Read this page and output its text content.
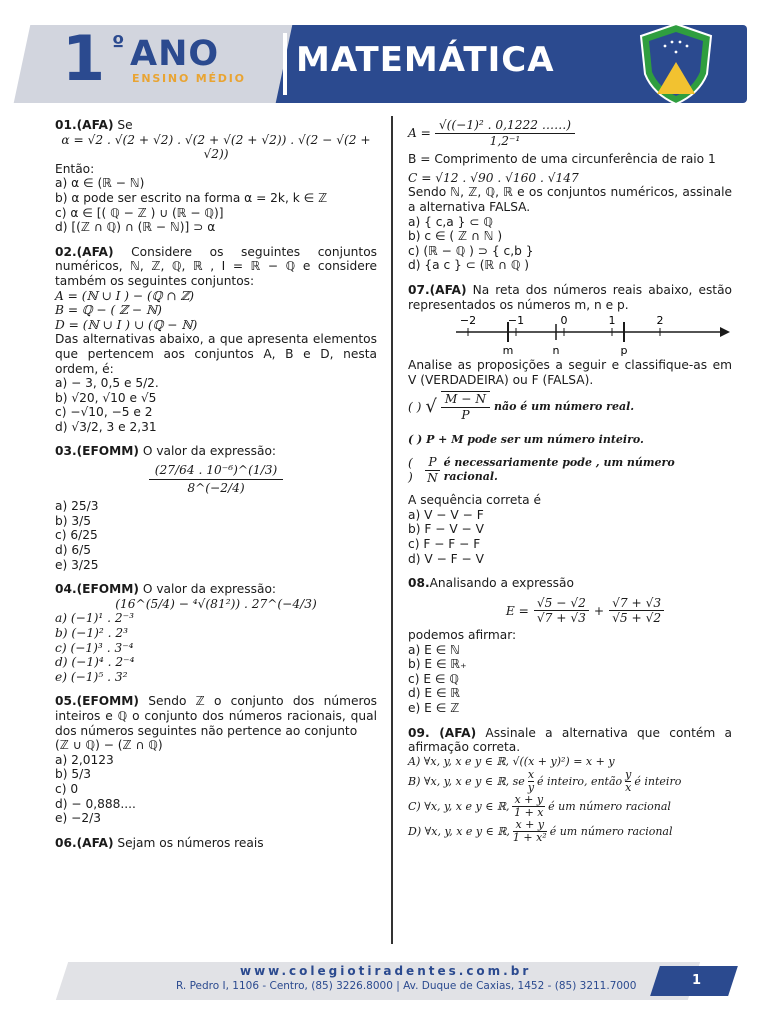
1 º ANO
ENSINO MÉDIO MATEMÁTICA

01.(AFA) Se

α = √2 . √(2 + √2) . √(2 + √(2 + √2)) . √(2 − √(2 + √2))

Então:

a) α ∈ (ℝ − ℕ)

b) α pode ser escrito na forma α = 2k, k ∈ ℤ

c) α ∈ [( ℚ − ℤ ) ∪ (ℝ − ℚ)]

d) [(ℤ ∩ ℚ) ∩ (ℝ − ℕ)] ⊃ α

02.(AFA) Considere os seguintes conjuntos numéricos, ℕ, ℤ, ℚ, ℝ , I = ℝ − ℚ e considere também os seguintes conjuntos:

A = (ℕ ∪ I ) − (ℚ ∩ ℤ)

B = ℚ − ( ℤ − ℕ)

D = (ℕ ∪ I ) ∪ (ℚ − ℕ)

Das alternativas abaixo, a que apresenta elementos que pertencem aos conjuntos A, B e D, nesta ordem, é:

a) − 3, 0,5 e 5/2.

b) √20, √10 e √5

c) −√10, −5 e 2

d) √3/2, 3 e 2,31

03.(EFOMM) O valor da expressão:

$\frac{\text{(27/64 . 10⁻⁶)\textasciicircum{}(1/3)}}{8\^{}(-2/4)}$

a) 25/3

b) 3/5

c) 6/25

d) 6/5

e) 3/25

04.(EFOMM) O valor da expressão:

(16^(5/4) − ⁴√(81²)) . 27^(−4/3)

a) (−1)¹ . 2⁻³

b) (−1)² . 2³

c) (−1)³ . 3⁻⁴

d) (−1)⁴ . 2⁻⁴

e) (−1)⁵ . 3²

05.(EFOMM) Sendo ℤ o conjunto dos números inteiros e ℚ o conjunto dos números racionais, qual dos números seguintes não pertence ao conjunto

(ℤ ∪ ℚ) − (ℤ ∩ ℚ)

a) 2,0123

b) 5/3

c) 0

d) − 0,888....

e) −2/3

06.(AFA) Sejam os números reais

$A = \frac{\text{√((−1)² . 0,1222 ……)}}{\text{1,2⁻¹}}$

B = Comprimento de uma circunferência de raio 1

C = √12 . √90 . √160 . √147

Sendo ℕ, ℤ, ℚ, ℝ e os conjuntos numéricos, assinale a alternativa FALSA.

a) { c,a } ⊂ ℚ

b) c ∈ ( ℤ ∩ ℕ )

c) (ℝ − ℚ ) ⊃ { c,b }

d) {a c } ⊂ (ℝ ∩ ℚ )

07.(AFA) Na reta dos números reais abaixo, estão representados os números m, n e p.

−2	−1	0	1	2
m	n	p

Analise as proposições a seguir e classifique-as em V (VERDADEIRA) ou F (FALSA).

( ) √ $\frac{M - N}{P}$ não é um número real.

( ) P + M pode ser um número inteiro.

( )	$\frac{P}{N}$ é necessariamente pode , um número racional.

A sequência correta é

a) V − V − F

b) F − V − V

c) F − F − F

d) V − F − V

08.Analisando a expressão

$E = \frac{√5 - √2}{√7 + √3} + \frac{√7 + √3}{√5 + √2}$

podemos afirmar:

a) E ∈ ℕ

b) E ∈ ℝ₊

c) E ∈ ℚ

d) E ∈ ℝ

e) E ∈ ℤ

09. (AFA) Assinale a alternativa que contém a afirmação correta.

A) ∀x, y, x e y ∈ ℝ, √((x + y)²) = x + y

B) ∀x, y, x e y ∈ ℝ, se x
y
é inteiro, então y
x
é inteiro
C) ∀x, y, x e y ∈ ℝ, x + y
1 + x
é um número racional
D) ∀x, y, x e y ∈ ℝ, x + y
1 + x²
é um número racional
www.colegiotiradentes.com.br
R. Pedro I, 1106 - Centro, (85) 3226.8000 | Av. Duque de Caxias, 1452 - (85) 3211.7000	1
